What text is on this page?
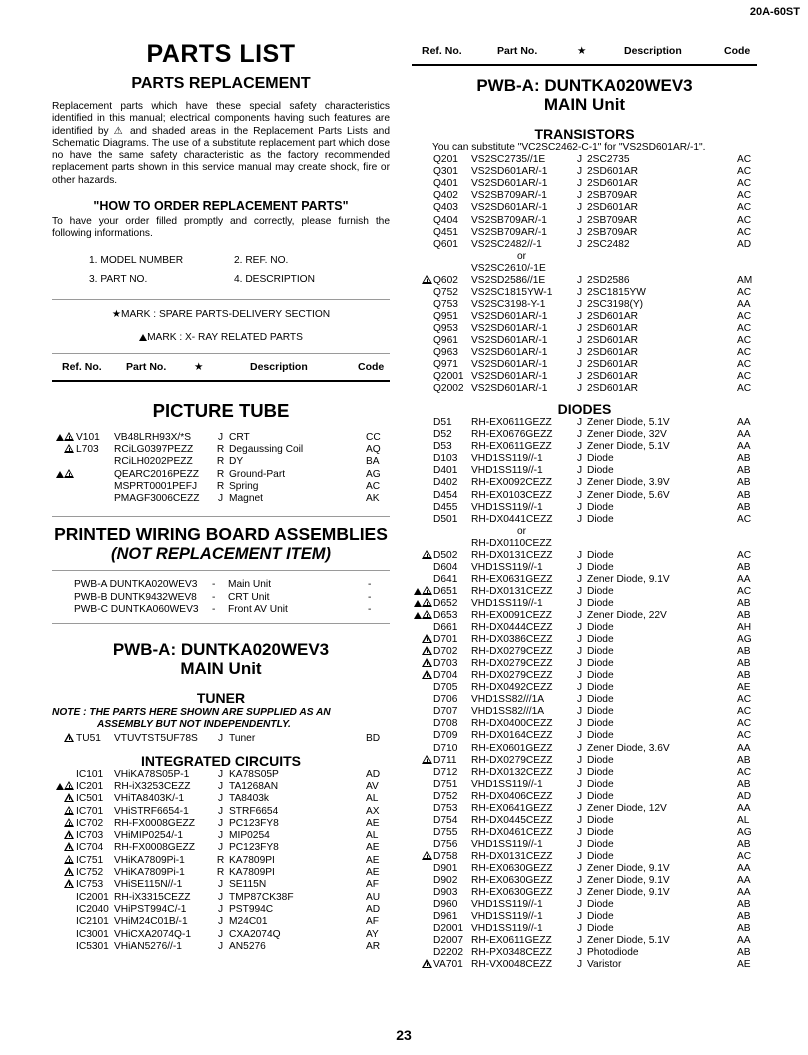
20A-60ST
PARTS LIST
PARTS REPLACEMENT

Replacement parts which have these special safety characteristics identified in this manual; electrical components having such features are identified by ⚠ and shaded areas in the Replacement Parts Lists and Schematic Diagrams. The use of a substitute replacement part which dose no have the same safety characteristic as the factory recommended replacement parts shown in this service manual may create shock, fire or other hazards.

"HOW TO ORDER REPLACEMENT PARTS"

To have your order filled promptly and correctly, please furnish the following informations.

1. MODEL NUMBER	2. REF. NO.
3. PART NO.	4. DESCRIPTION
★MARK : SPARE PARTS-DELIVERY SECTION
MARK : X- RAY RELATED PARTS
Ref. No.	Part No.	★	Description	Code
PICTURE TUBE
V101	VB48LRH93X/*S	J CRT	CC
L703	RCiLG0397PEZZ	R Degaussing Coil	AQ
RCiLH0202PEZZ	R DY	BA
QEARC2016PEZZ	R Ground-Part	AG
MSPRT0001PEFJ	R Spring	AC
PMAGF3006CEZZ	J Magnet	AK
PRINTED WIRING BOARD ASSEMBLIES
(NOT REPLACEMENT ITEM)
PWB-A DUNTKA020WEV3	-	Main Unit	-
PWB-B DUNTK9432WEV8	-	CRT Unit	-
PWB-C DUNTKA060WEV3	-	Front AV Unit	-
PWB-A: DUNTKA020WEV3
MAIN Unit
TUNER
NOTE : THE PARTS HERE SHOWN ARE SUPPLIED AS AN
ASSEMBLY BUT NOT INDEPENDENTLY.
TU51	VTUVTST5UF78S	J Tuner	BD
INTEGRATED CIRCUITS
IC101	VHiKA78S05P-1	J KA78S05P	AD
IC201	RH-iX3253CEZZ	J TA1268AN	AV
IC501	VHiTA8403K/-1	J TA8403k	AL
IC701	VHiSTRF6654-1	J STRF6654	AX
IC702	RH-FX0008GEZZ	J PC123FY8	AE
IC703	VHiMIP0254/-1	J MIP0254	AL
IC704	RH-FX0008GEZZ	J PC123FY8	AE
IC751	VHiKA7809Pi-1	R KA7809PI	AE
IC752	VHiKA7809Pi-1	R KA7809PI	AE
IC753	VHiSE115N//-1	J SE115N	AF
IC2001 RH-iX3315CEZZ	J TMP87CK38F	AU
IC2040 VHiPST994C/-1	J PST994C	AD
IC2101 VHiM24C01B/-1	J M24C01	AF
IC3001 VHiCXA2074Q-1	J CXA2074Q	AY
IC5301 VHiAN5276//-1	J AN5276	AR
Ref. No.	Part No.	★	Description	Code
PWB-A: DUNTKA020WEV3
MAIN Unit
TRANSISTORS
You can substitute "VC2SC2462-C-1" for "VS2SD601AR/-1".
Q201	VS2SC2735//1E	J 2SC2735	AC
Q301	VS2SD601AR/-1	J 2SD601AR	AC
Q401	VS2SD601AR/-1	J 2SD601AR	AC
Q402	VS2SB709AR/-1	J 2SB709AR	AC
Q403	VS2SD601AR/-1	J 2SD601AR	AC
Q404	VS2SB709AR/-1	J 2SB709AR	AC
Q451	VS2SB709AR/-1	J 2SB709AR	AC
Q601	VS2SC2482//-1	J 2SC2482	AD
or
VS2SC2610/-1E
Q602	VS2SD2586//1E	J 2SD2586	AM
Q752	VS2SC1815YW-1	J 2SC1815YW	AC
Q753	VS2SC3198-Y-1	J 2SC3198(Y)	AA
Q951	VS2SD601AR/-1	J 2SD601AR	AC
Q953	VS2SD601AR/-1	J 2SD601AR	AC
Q961	VS2SD601AR/-1	J 2SD601AR	AC
Q963	VS2SD601AR/-1	J 2SD601AR	AC
Q971	VS2SD601AR/-1	J 2SD601AR	AC
Q2001 VS2SD601AR/-1	J 2SD601AR	AC
Q2002 VS2SD601AR/-1	J 2SD601AR	AC
DIODES
D51	RH-EX0611GEZZ	J Zener Diode, 5.1V	AA
D52	RH-EX0676GEZZ	J Zener Diode, 32V	AA
D53	RH-EX0611GEZZ	J Zener Diode, 5.1V	AA
D103	VHD1SS119//-1	J Diode	AB
D401	VHD1SS119//-1	J Diode	AB
D402	RH-EX0092CEZZ	J Zener Diode, 3.9V	AB
D454	RH-EX0103CEZZ	J Zener Diode, 5.6V	AB
D455	VHD1SS119//-1	J Diode	AB
D501	RH-DX0441CEZZ	J Diode	AC
or
RH-DX0110CEZZ
D502	RH-DX0131CEZZ	J Diode	AC
D604	VHD1SS119//-1	J Diode	AB
D641	RH-EX0631GEZZ	J Zener Diode, 9.1V	AA
D651	RH-DX0131CEZZ	J Diode	AC
D652	VHD1SS119//-1	J Diode	AB
D653	RH-EX0091CEZZ	J Zener Diode, 22V	AB
D661	RH-DX0444CEZZ	J Diode	AH
D701	RH-DX0386CEZZ	J Diode	AG
D702	RH-DX0279CEZZ	J Diode	AB
D703	RH-DX0279CEZZ	J Diode	AB
D704	RH-DX0279CEZZ	J Diode	AB
D705	RH-DX0492CEZZ	J Diode	AE
D706	VHD1SS82///1A	J Diode	AC
D707	VHD1SS82///1A	J Diode	AC
D708	RH-DX0400CEZZ	J Diode	AC
D709	RH-DX0164CEZZ	J Diode	AC
D710	RH-EX0601GEZZ	J Zener Diode, 3.6V	AA
D711	RH-DX0279CEZZ	J Diode	AB
D712	RH-DX0132CEZZ	J Diode	AC
D751	VHD1SS119//-1	J Diode	AB
D752	RH-DX0406CEZZ	J Diode	AD
D753	RH-EX0641GEZZ	J Zener Diode, 12V	AA
D754	RH-DX0445CEZZ	J Diode	AL
D755	RH-DX0461CEZZ	J Diode	AG
D756	VHD1SS119//-1	J Diode	AB
D758	RH-DX0131CEZZ	J Diode	AC
D901	RH-EX0630GEZZ	J Zener Diode, 9.1V	AA
D902	RH-EX0630GEZZ	J Zener Diode, 9.1V	AA
D903	RH-EX0630GEZZ	J Zener Diode, 9.1V	AA
D960	VHD1SS119//-1	J Diode	AB
D961	VHD1SS119//-1	J Diode	AB
D2001 VHD1SS119//-1	J Diode	AB
D2007 RH-EX0611GEZZ	J Zener Diode, 5.1V	AA
D2202 RH-PX0348CEZZ	J Photodiode	AB
VA701 RH-VX0048CEZZ	J Varistor	AE
23
